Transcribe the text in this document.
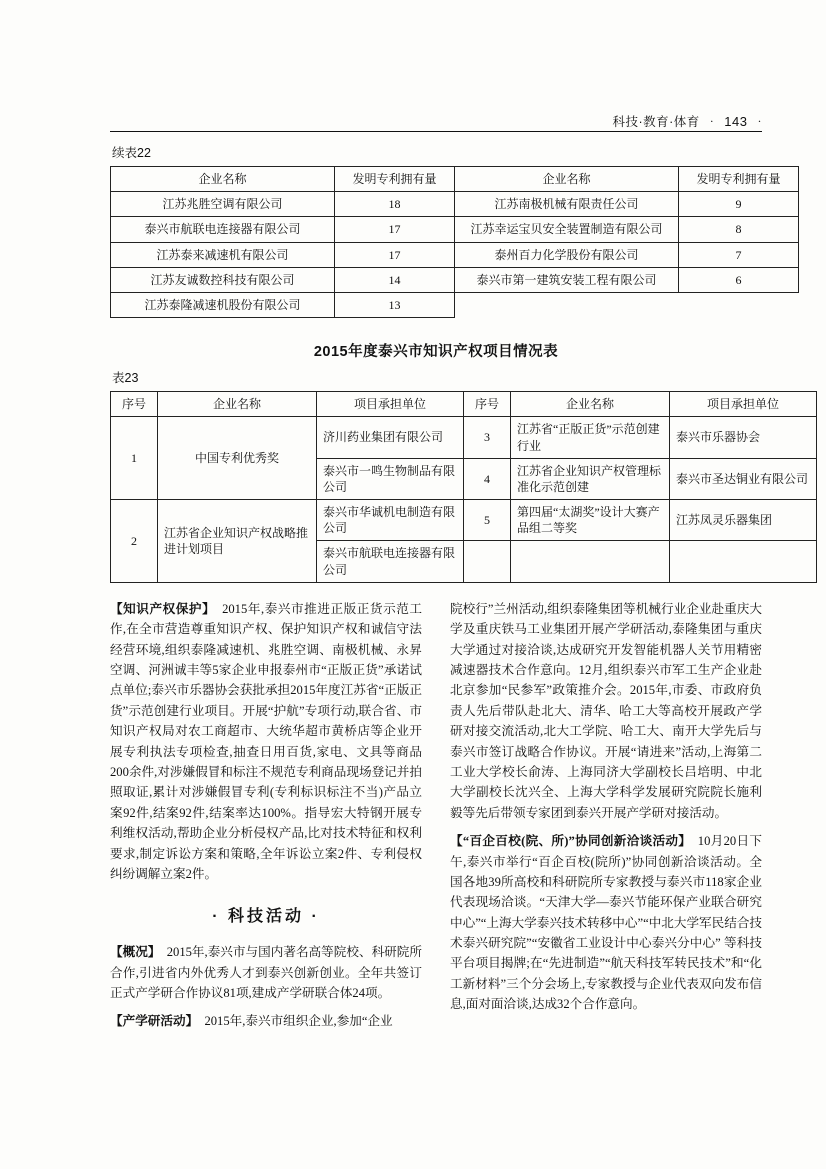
科技·教育·体育 · 143 ·
续表22
企业名称	发明专利拥有量	企业名称	发明专利拥有量
江苏兆胜空调有限公司	18	江苏南极机械有限责任公司	9
泰兴市航联电连接器有限公司	17	江苏幸运宝贝安全装置制造有限公司	8
江苏泰来减速机有限公司	17	泰州百力化学股份有限公司	7
江苏友诚数控科技有限公司	14	泰兴市第一建筑安装工程有限公司	6
江苏泰隆减速机股份有限公司	13		
2015年度泰兴市知识产权项目情况表
表23
序号	企业名称	项目承担单位	序号	企业名称	项目承担单位
1	中国专利优秀奖	济川药业集团有限公司	3	江苏省“正版正货”示范创建行业	泰兴市乐器协会
		泰兴市一鸣生物制品有限公司	4	江苏省企业知识产权管理标准化示范创建	泰兴市圣达铜业有限公司
2	江苏省企业知识产权战略推进计划项目	泰兴市华诚机电制造有限公司	5	第四届“太湖奖”设计大赛产品组二等奖	江苏凤灵乐器集团
		泰兴市航联电连接器有限公司			

【知识产权保护】　2015年,泰兴市推进正版正货示范工作,在全市营造尊重知识产权、保护知识产权和诚信守法经营环境,组织泰隆减速机、兆胜空调、南极机械、永昇空调、河洲诚丰等5家企业申报泰州市“正版正货”承诺试点单位;泰兴市乐器协会获批承担2015年度江苏省“正版正货”示范创建行业项目。开展“护航”专项行动,联合省、市知识产权局对农工商超市、大统华超市黄桥店等企业开展专利执法专项检查,抽查日用百货,家电、文具等商品200余件,对涉嫌假冒和标注不规范专利商品现场登记并拍照取证,累计对涉嫌假冒专利(专利标识标注不当)产品立案92件,结案92件,结案率达100%。指导宏大特钢开展专利维权活动,帮助企业分析侵权产品,比对技术特征和权利要求,制定诉讼方案和策略,全年诉讼立案2件、专利侵权纠纷调解立案2件。

· 科技活动 ·

【概况】　2015年,泰兴市与国内著名高等院校、科研院所合作,引进省内外优秀人才到泰兴创新创业。全年共签订正式产学研合作协议81项,建成产学研联合体24项。

【产学研活动】　2015年,泰兴市组织企业,参加“企业

院校行”兰州活动,组织泰隆集团等机械行业企业赴重庆大学及重庆铁马工业集团开展产学研活动,泰隆集团与重庆大学通过对接洽谈,达成研究开发智能机器人关节用精密减速器技术合作意向。12月,组织泰兴市军工生产企业赴北京参加“民参军”政策推介会。2015年,市委、市政府负责人先后带队赴北大、清华、哈工大等高校开展政产学研对接交流活动,北大工学院、哈工大、南开大学先后与泰兴市签订战略合作协议。开展“请进来”活动,上海第二工业大学校长俞涛、上海同济大学副校长吕培明、中北大学副校长沈兴全、上海大学科学发展研究院院长施利毅等先后带领专家团到泰兴开展产学研对接活动。

【“百企百校(院、所)”协同创新洽谈活动】　10月20日下午,泰兴市举行“百企百校(院所)”协同创新洽谈活动。全国各地39所高校和科研院所专家教授与泰兴市118家企业代表现场洽谈。“天津大学—泰兴节能环保产业联合研究中心”“上海大学泰兴技术转移中心”“中北大学军民结合技术泰兴研究院”“安徽省工业设计中心泰兴分中心” 等科技平台项目揭牌;在“先进制造”“航天科技军转民技术”和“化工新材料”三个分会场上,专家教授与企业代表双向发布信息,面对面洽谈,达成32个合作意向。
